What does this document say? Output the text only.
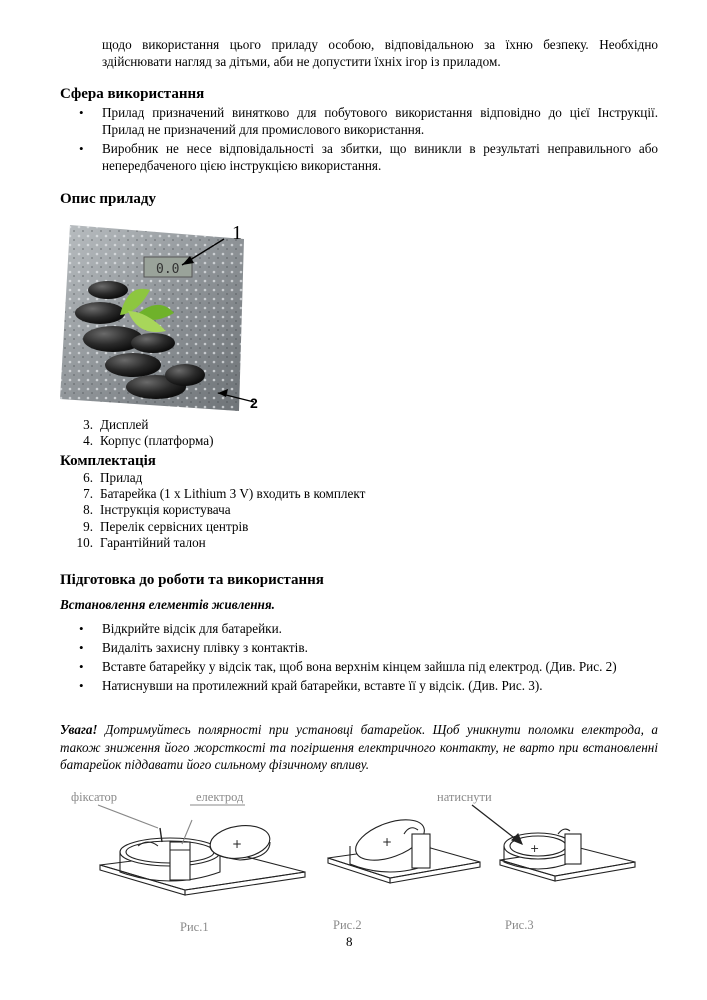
щодо використання цього приладу особою, відповідальною за їхню безпеку. Необхідно здійснювати нагляд за дітьми, аби не допустити їхніх ігор із приладом.
Сфера використання
• Прилад призначений винятково для побутового використання відповідно до цієї Інструкції. Прилад не призначений для промислового використання.
• Виробник не несе відповідальності за збитки, що виникли в результаті неправильного або непередбаченого цією інструкцією використання.
Опис приладу
0.0
1
2
3. Дисплей
4. Корпус (платформа)
Комплектація
6. Прилад
7. Батарейка (1 x Lithium 3 V) входить в комплект
8. Інструкція користувача
9. Перелік сервісних центрів
10. Гарантійний талон
Підготовка до роботи та використання
Встановлення елементів живлення.
• Відкрийте відсік для батарейки.
• Видаліть захисну плівку з контактів.
• Вставте батарейку у відсік так, щоб вона верхнім кінцем зайшла під електрод. (Див. Рис. 2)
• Натиснувши на протилежний край батарейки, вставте її у відсік. (Див. Рис. 3).
Увага! Дотримуйтесь полярності при установці батарейок. Щоб уникнути поломки електрода, а також зниження його жорсткості та погіршення електричного контакту, не варто при встановленні батарейок піддавати його сильному фізичному впливу.
+	+	+
фіксатор	електрод	натиснути
Рис.1	Рис.2	Рис.3
8
